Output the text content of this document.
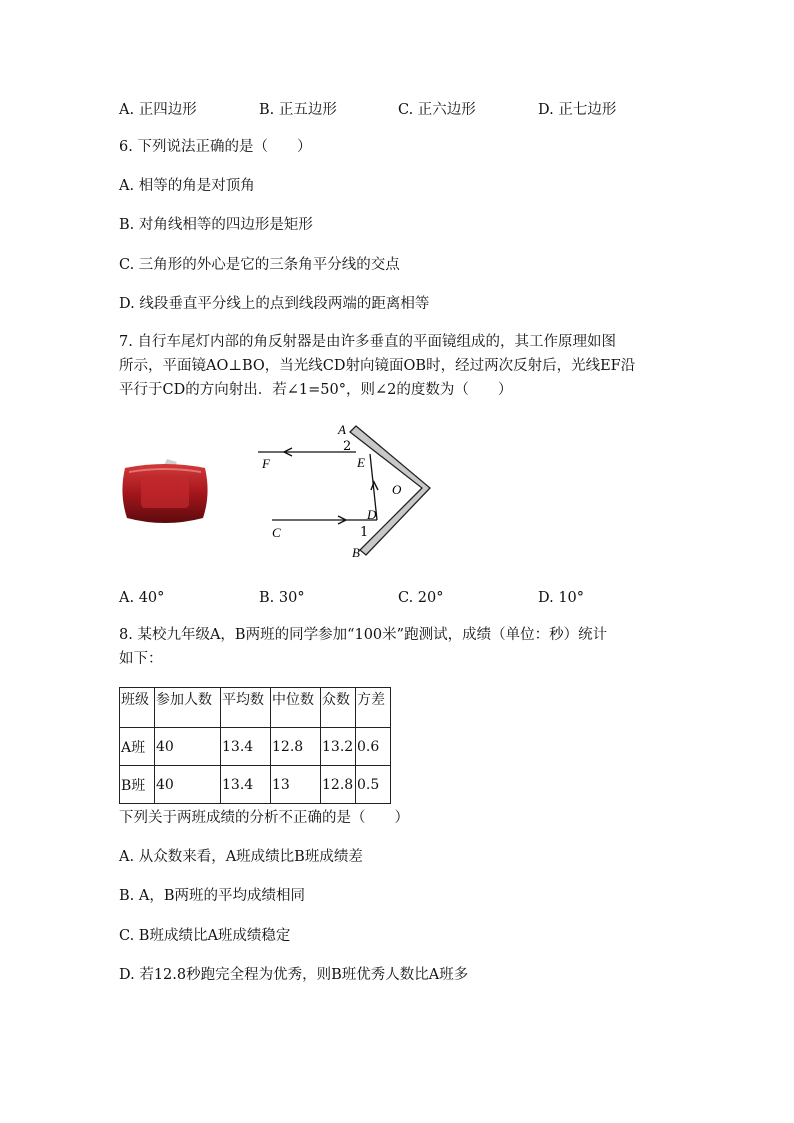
A. 正四边形	B. 正五边形	C. 正六边形	D. 正七边形
6. 下列说法正确的是（　　）
A. 相等的角是对顶角
B. 对角线相等的四边形是矩形
C. 三角形的外心是它的三条角平分线的交点
D. 线段垂直平分线上的点到线段两端的距离相等
7. 自行车尾灯内部的角反射器是由许多垂直的平面镜组成的，其工作原理如图
所示，平面镜AO⊥BO，当光线CD射向镜面OB时，经过两次反射后，光线EF沿
平行于CD的方向射出．若∠1=50°，则∠2的度数为（　　）
A
2
F	E
O
D
1
C
B
A. 40°	B. 30°	C. 20°	D. 10°
8. 某校九年级A，B两班的同学参加“100米”跑测试，成绩（单位：秒）统计
如下：
班级	参加人数	平均数	中位数	众数	方差
A班	40	13.4	12.8	13.2	0.6
B班	40	13.4	13	12.8	0.5
下列关于两班成绩的分析不正确的是（　　）
A. 从众数来看，A班成绩比B班成绩差
B. A，B两班的平均成绩相同
C. B班成绩比A班成绩稳定
D. 若12.8秒跑完全程为优秀，则B班优秀人数比A班多
